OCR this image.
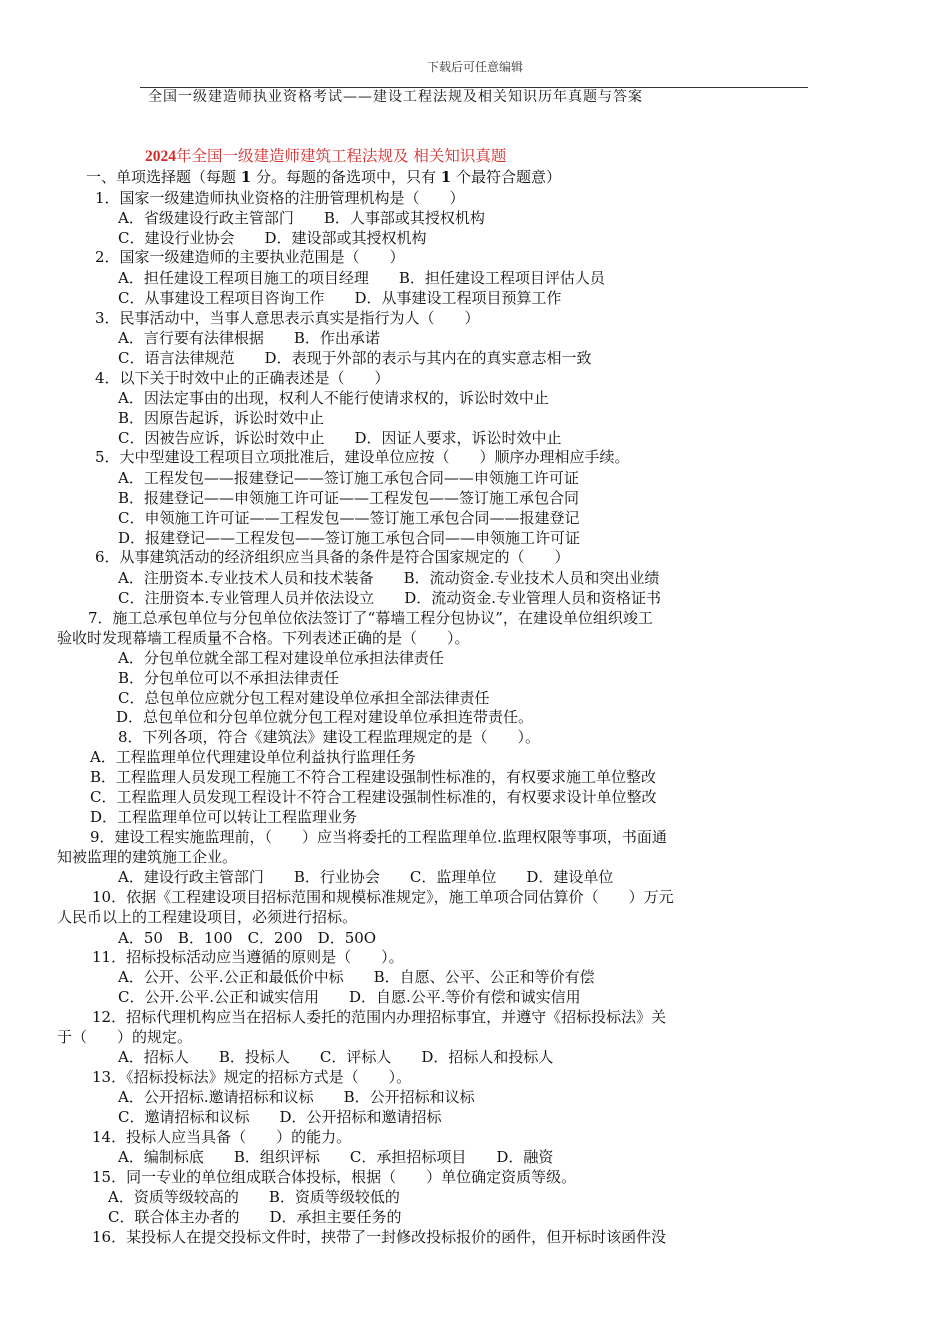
下载后可任意编辑
全国一级建造师执业资格考试——建设工程法规及相关知识历年真题与答案
2024年全国一级建造师建筑工程法规及 相关知识真题
一、单项选择题（每题 1 分。每题的备选项中，只有 1 个最符合题意）
1．国家一级建造师执业资格的注册管理机构是（　　）
A．省级建设行政主管部门　　B．人事部或其授权机构
C．建设行业协会　　D．建设部或其授权机构
2．国家一级建造师的主要执业范围是（　　）
A．担任建设工程项目施工的项目经理　　B．担任建设工程项目评估人员
C．从事建设工程项目咨询工作　　D．从事建设工程项目预算工作
3．民事活动中，当事人意思表示真实是指行为人（　　）
A．言行要有法律根据　　B．作出承诺
C．语言法律规范　　D．表现于外部的表示与其内在的真实意志相一致
4．以下关于时效中止的正确表述是（　　）
A．因法定事由的出现，权利人不能行使请求权的，诉讼时效中止
B．因原告起诉，诉讼时效中止
C．因被告应诉，诉讼时效中止　　D．因证人要求，诉讼时效中止
5．大中型建设工程项目立项批准后，建设单位应按（　　）顺序办理相应手续。
A．工程发包——报建登记——签订施工承包合同——申领施工许可证
B．报建登记——申领施工许可证——工程发包——签订施工承包合同
C．申领施工许可证——工程发包——签订施工承包合同——报建登记
D．报建登记——工程发包——签订施工承包合同——申领施工许可证
6．从事建筑活动的经济组织应当具备的条件是符合国家规定的（　　）
A．注册资本.专业技术人员和技术装备　　B．流动资金.专业技术人员和突出业绩
C．注册资本.专业管理人员并依法设立　　D．流动资金.专业管理人员和资格证书
7．施工总承包单位与分包单位依法签订了“幕墙工程分包协议”，在建设单位组织竣工
验收时发现幕墙工程质量不合格。下列表述正确的是（　　）。
A．分包单位就全部工程对建设单位承担法律责任
B．分包单位可以不承担法律责任
C．总包单位应就分包工程对建设单位承担全部法律责任
D．总包单位和分包单位就分包工程对建设单位承担连带责任。
8．下列各项，符合《建筑法》建设工程监理规定的是（　　）。
A．工程监理单位代理建设单位利益执行监理任务
B．工程监理人员发现工程施工不符合工程建设强制性标准的，有权要求施工单位整改
C．工程监理人员发现工程设计不符合工程建设强制性标准的，有权要求设计单位整改
D．工程监理单位可以转让工程监理业务
9．建设工程实施监理前，（　　）应当将委托的工程监理单位.监理权限等事项，书面通
知被监理的建筑施工企业。
A．建设行政主管部门　　B．行业协会　　C．监理单位　　D．建设单位
10．依据《工程建设项目招标范围和规模标准规定》，施工单项合同估算价（　　）万元
人民币以上的工程建设项目，必须进行招标。
A．50　B．100　C．200　D．50O
11．招标投标活动应当遵循的原则是（　　）。
A．公开、公平.公正和最低价中标　　B．自愿、公平、公正和等价有偿
C．公开.公平.公正和诚实信用　　D．自愿.公平.等价有偿和诚实信用
12．招标代理机构应当在招标人委托的范围内办理招标事宜，并遵守《招标投标法》关
于（　　）的规定。
A．招标人　　B．投标人　　C．评标人　　D．招标人和投标人
13．《招标投标法》规定的招标方式是（　　）。
A．公开招标.邀请招标和议标　　B．公开招标和议标
C．邀请招标和议标　　D．公开招标和邀请招标
14．投标人应当具备（　　）的能力。
A．编制标底　　B．组织评标　　C．承担招标项目　　D．融资
15．同一专业的单位组成联合体投标，根据（　　）单位确定资质等级。
A．资质等级较高的　　B．资质等级较低的
C．联合体主办者的　　D．承担主要任务的
16．某投标人在提交投标文件时，挟带了一封修改投标报价的函件，但开标时该函件没
